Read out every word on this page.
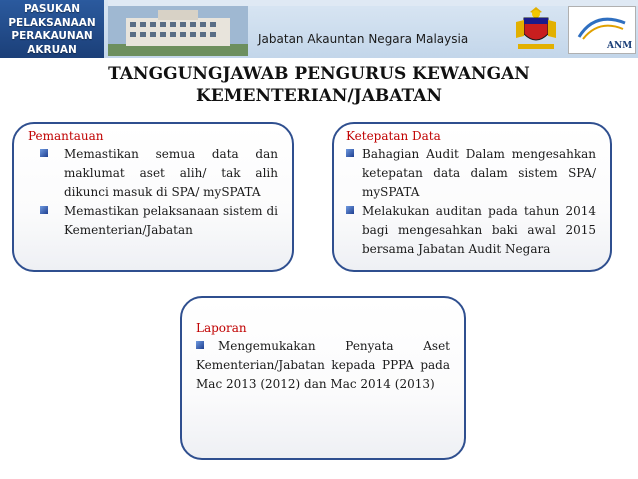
PASUKAN
PELAKSANAAN
PERAKAUNAN
AKRUAN
Jabatan Akauntan Negara Malaysia	ANM
TANGGUNGJAWAB PENGURUS KEWANGAN
KEMENTERIAN/JABATAN
Pemantauan
Memastikan semua data dan maklumat aset alih/ tak alih dikunci masuk di SPA/ mySPATA
Memastikan pelaksanaan sistem di Kementerian/Jabatan
Ketepatan Data
Bahagian Audit Dalam mengesahkan ketepatan data dalam sistem SPA/ mySPATA
Melakukan auditan pada tahun 2014 bagi mengesahkan baki awal 2015 bersama Jabatan Audit Negara
Laporan
Mengemukakan Penyata Aset Kementerian/Jabatan kepada PPPA pada Mac 2013 (2012) dan Mac 2014 (2013)
